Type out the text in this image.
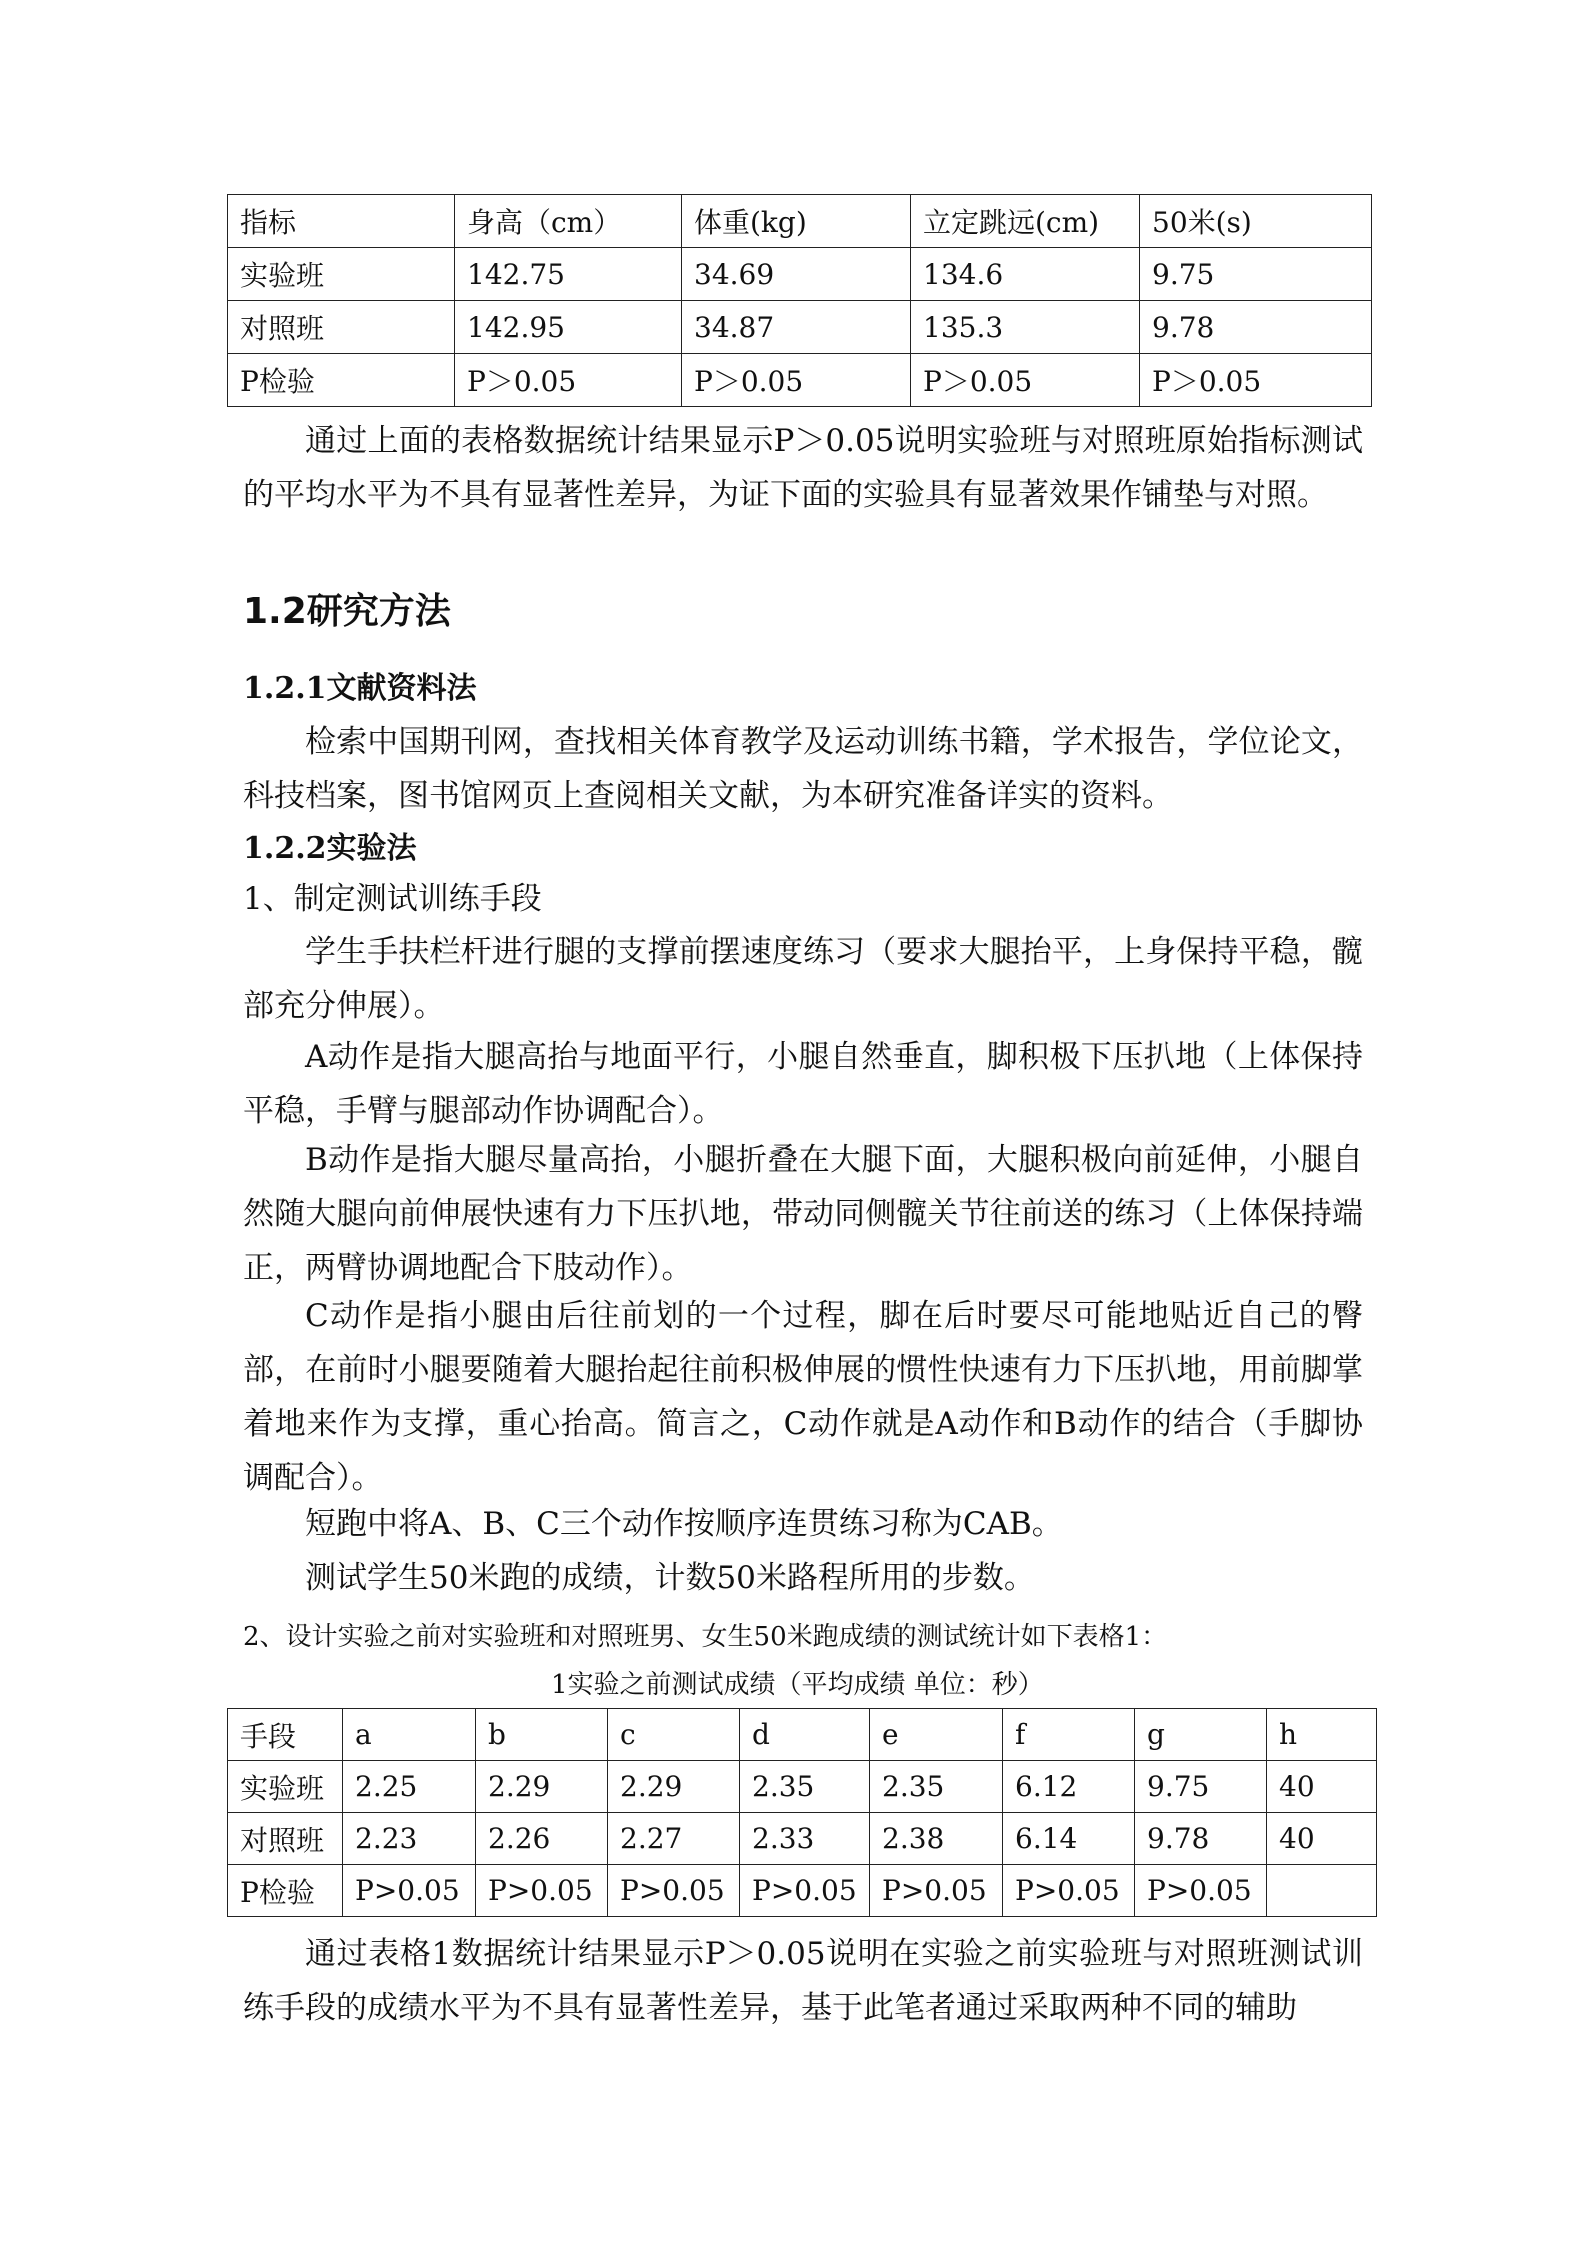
指标	身高（cm）	体重(kg)	立定跳远(cm)	50米(s)
实验班	142.75	34.69	134.6	9.75
对照班	142.95	34.87	135.3	9.78
P检验	P＞0.05	P＞0.05	P＞0.05	P＞0.05

通过上面的表格数据统计结果显示P＞0.05说明实验班与对照班原始指标测试的平均水平为不具有显著性差异，为证下面的实验具有显著效果作铺垫与对照。

1.2研究方法
1.2.1文献资料法

检索中国期刊网，查找相关体育教学及运动训练书籍，学术报告，学位论文，科技档案，图书馆网页上查阅相关文献，为本研究准备详实的资料。

1.2.2实验法

1、制定测试训练手段

学生手扶栏杆进行腿的支撑前摆速度练习（要求大腿抬平，上身保持平稳，髋部充分伸展）。

A动作是指大腿高抬与地面平行，小腿自然垂直，脚积极下压扒地（上体保持平稳，手臂与腿部动作协调配合）。

B动作是指大腿尽量高抬，小腿折叠在大腿下面，大腿积极向前延伸，小腿自然随大腿向前伸展快速有力下压扒地，带动同侧髋关节往前送的练习（上体保持端正，两臂协调地配合下肢动作）。

C动作是指小腿由后往前划的一个过程，脚在后时要尽可能地贴近自己的臀部，在前时小腿要随着大腿抬起往前积极伸展的惯性快速有力下压扒地，用前脚掌着地来作为支撑，重心抬高。简言之，C动作就是A动作和B动作的结合（手脚协调配合）。

短跑中将A、B、C三个动作按顺序连贯练习称为CAB。

测试学生50米跑的成绩，计数50米路程所用的步数。

2、设计实验之前对实验班和对照班男、女生50米跑成绩的测试统计如下表格1：

1实验之前测试成绩（平均成绩 单位：秒）

手段	a	b	c	d	e	f	g	h
实验班	2.25	2.29	2.29	2.35	2.35	6.12	9.75	40
对照班	2.23	2.26	2.27	2.33	2.38	6.14	9.78	40
P检验	P>0.05	P>0.05	P>0.05	P>0.05	P>0.05	P>0.05	P>0.05	

通过表格1数据统计结果显示P＞0.05说明在实验之前实验班与对照班测试训练手段的成绩水平为不具有显著性差异，基于此笔者通过采取两种不同的辅助
